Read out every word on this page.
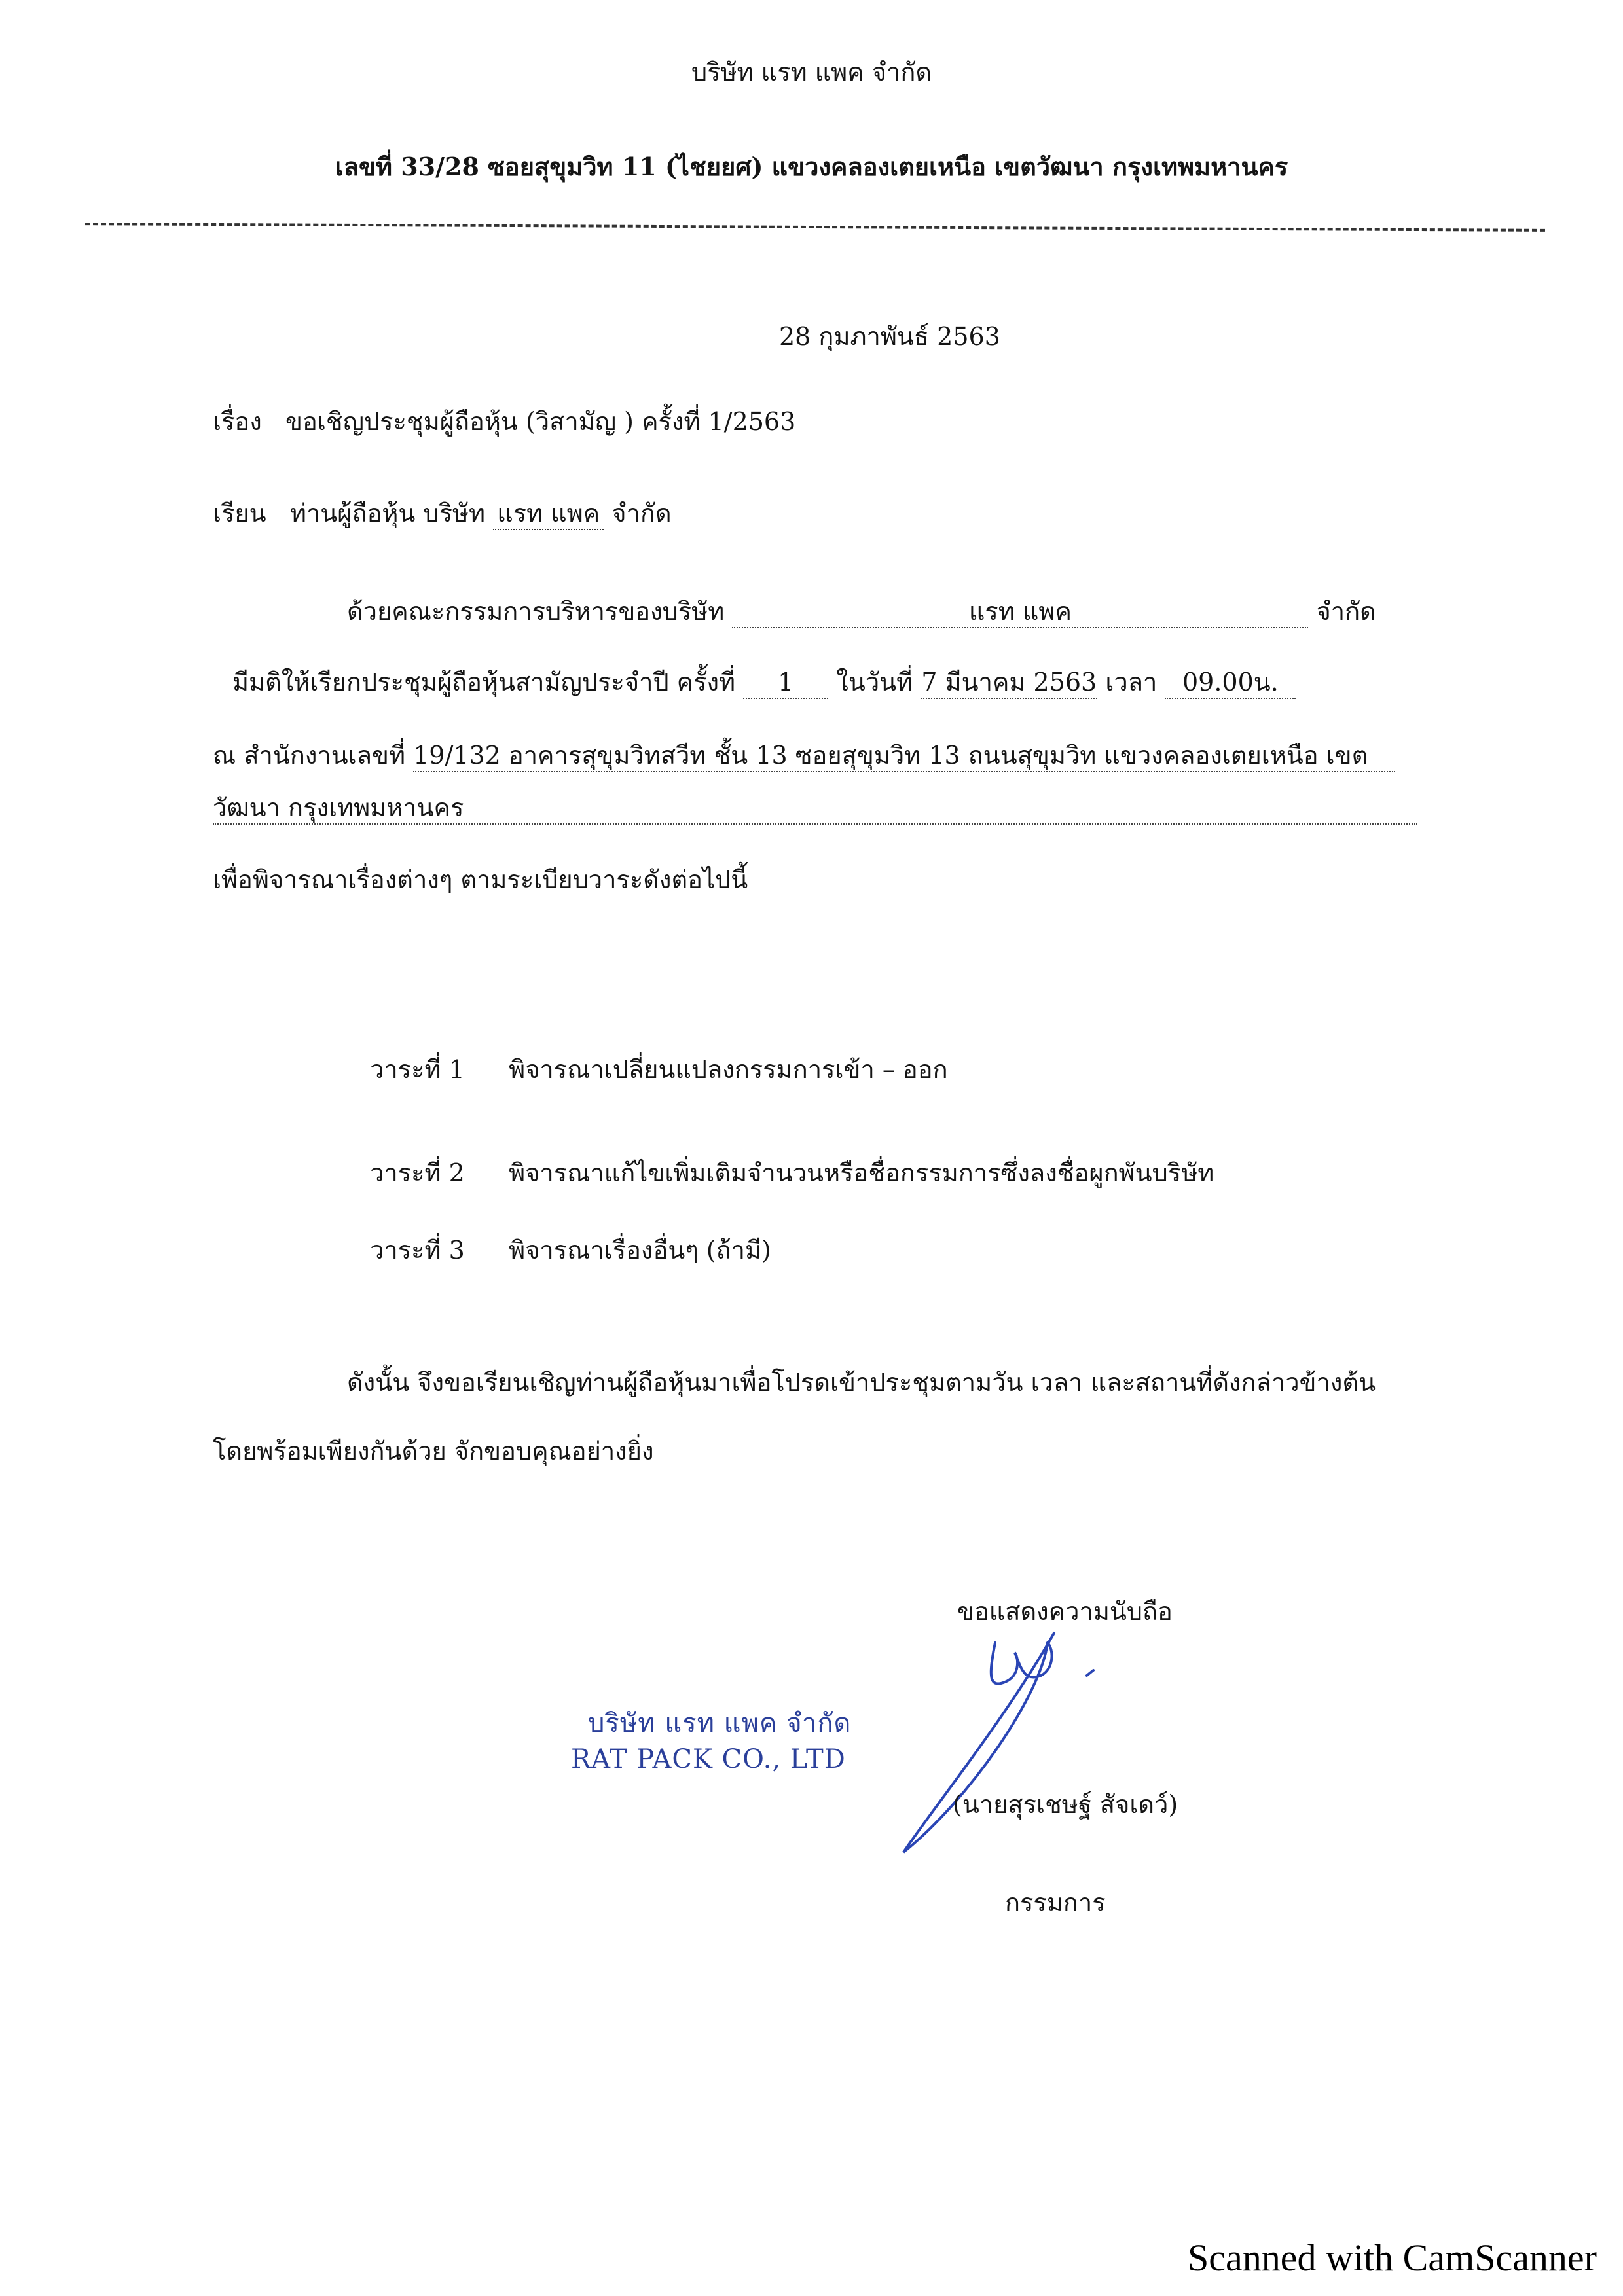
บริษัท แรท แพค จำกัด
เลขที่ 33/28 ซอยสุขุมวิท 11 (ไชยยศ) แขวงคลองเตยเหนือ เขตวัฒนา กรุงเทพมหานคร
28 กุมภาพันธ์ 2563
เรื่อง ขอเชิญประชุมผู้ถือหุ้น (วิสามัญ ) ครั้งที่ 1/2563
เรียน ท่านผู้ถือหุ้น บริษัท แรท แพค จำกัด
ด้วยคณะกรรมการบริหารของบริษัท	แรท แพค	จำกัด
มีมติให้เรียกประชุมผู้ถือหุ้นสามัญประจำปี ครั้งที่ 1 ในวันที่ 7 มีนาคม 2563 เวลา 09.00น.
ณ สำนักงานเลขที่ 19/132 อาคารสุขุมวิทสวีท ชั้น 13 ซอยสุขุมวิท 13 ถนนสุขุมวิท แขวงคลองเตยเหนือ เขต
วัฒนา กรุงเทพมหานคร
เพื่อพิจารณาเรื่องต่างๆ ตามระเบียบวาระดังต่อไปนี้
วาระที่ 1 พิจารณาเปลี่ยนแปลงกรรมการเข้า – ออก
วาระที่ 2 พิจารณาแก้ไขเพิ่มเติมจำนวนหรือชื่อกรรมการซึ่งลงชื่อผูกพันบริษัท
วาระที่ 3 พิจารณาเรื่องอื่นๆ (ถ้ามี)
ดังนั้น จึงขอเรียนเชิญท่านผู้ถือหุ้นมาเพื่อโปรดเข้าประชุมตามวัน เวลา และสถานที่ดังกล่าวข้างต้น
โดยพร้อมเพียงกันด้วย จักขอบคุณอย่างยิ่ง
ขอแสดงความนับถือ
บริษัท แรท แพค จำกัด
RAT PACK CO., LTD
(นายสุรเชษฐ์ สัจเดว์)
กรรมการ
Scanned with CamScanner
